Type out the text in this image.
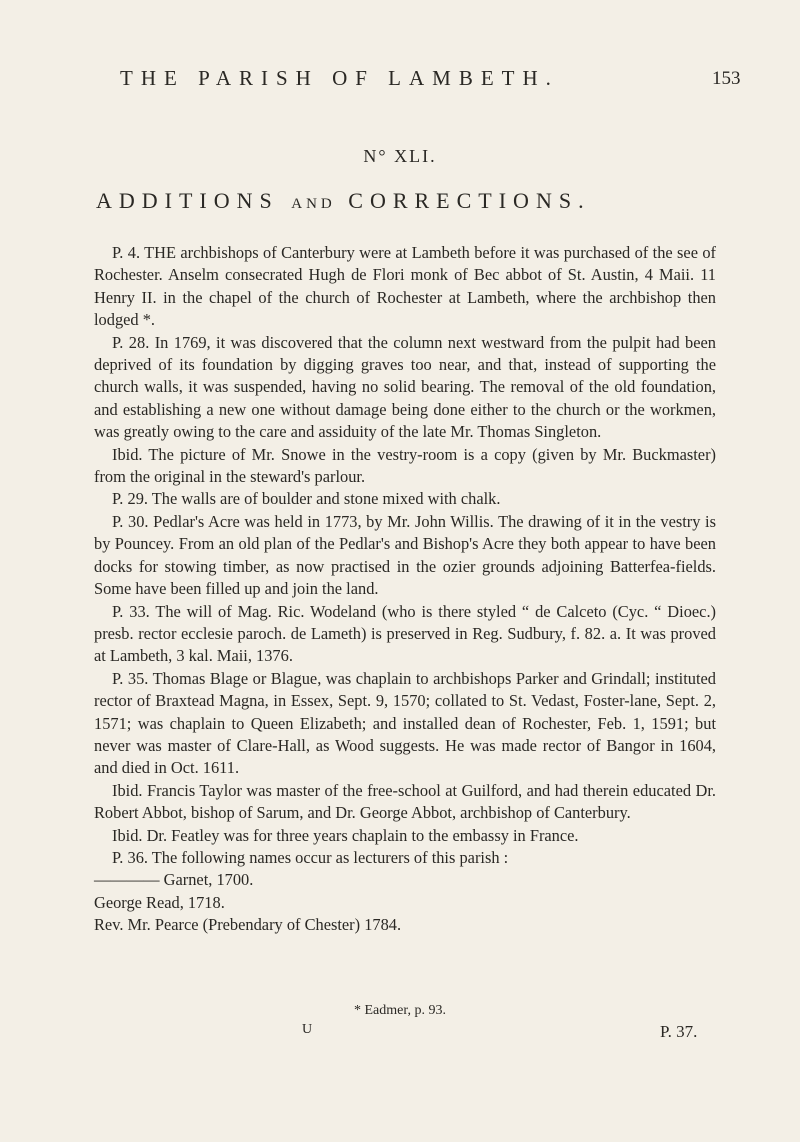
THE PARISH OF LAMBETH.	153
N° XLI.
ADDITIONS AND CORRECTIONS.

P. 4. THE archbishops of Canterbury were at Lambeth before it was purchased of the see of Rochester. Anselm consecrated Hugh de Flori monk of Bec abbot of St. Austin, 4 Maii. 11 Henry II. in the chapel of the church of Rochester at Lambeth, where the archbishop then lodged *.

P. 28. In 1769, it was discovered that the column next westward from the pulpit had been deprived of its foundation by digging graves too near, and that, instead of supporting the church walls, it was suspended, having no solid bearing. The removal of the old foundation, and establishing a new one without damage being done either to the church or the workmen, was greatly owing to the care and assiduity of the late Mr. Thomas Singleton.

Ibid. The picture of Mr. Snowe in the vestry-room is a copy (given by Mr. Buckmaster) from the original in the steward's parlour.

P. 29. The walls are of boulder and stone mixed with chalk.

P. 30. Pedlar's Acre was held in 1773, by Mr. John Willis. The drawing of it in the vestry is by Pouncey. From an old plan of the Pedlar's and Bishop's Acre they both appear to have been docks for stowing timber, as now practised in the ozier grounds adjoining Batterfea-fields. Some have been filled up and join the land.

P. 33. The will of Mag. Ric. Wodeland (who is there styled “ de Calceto (Cyc. “ Dioec.) presb. rector ecclesie paroch. de Lameth) is preserved in Reg. Sudbury, f. 82. a. It was proved at Lambeth, 3 kal. Maii, 1376.

P. 35. Thomas Blage or Blague, was chaplain to archbishops Parker and Grindall; instituted rector of Braxtead Magna, in Essex, Sept. 9, 1570; collated to St. Vedast, Foster-lane, Sept. 2, 1571; was chaplain to Queen Elizabeth; and installed dean of Rochester, Feb. 1, 1591; but never was master of Clare-Hall, as Wood suggests. He was made rector of Bangor in 1604, and died in Oct. 1611.

Ibid. Francis Taylor was master of the free-school at Guilford, and had therein educated Dr. Robert Abbot, bishop of Sarum, and Dr. George Abbot, archbishop of Canterbury.

Ibid. Dr. Featley was for three years chaplain to the embassy in France.

P. 36. The following names occur as lecturers of this parish :

———— Garnet, 1700.

George Read, 1718.

Rev. Mr. Pearce (Prebendary of Chester) 1784.

* Eadmer, p. 93.
U	P. 37.
